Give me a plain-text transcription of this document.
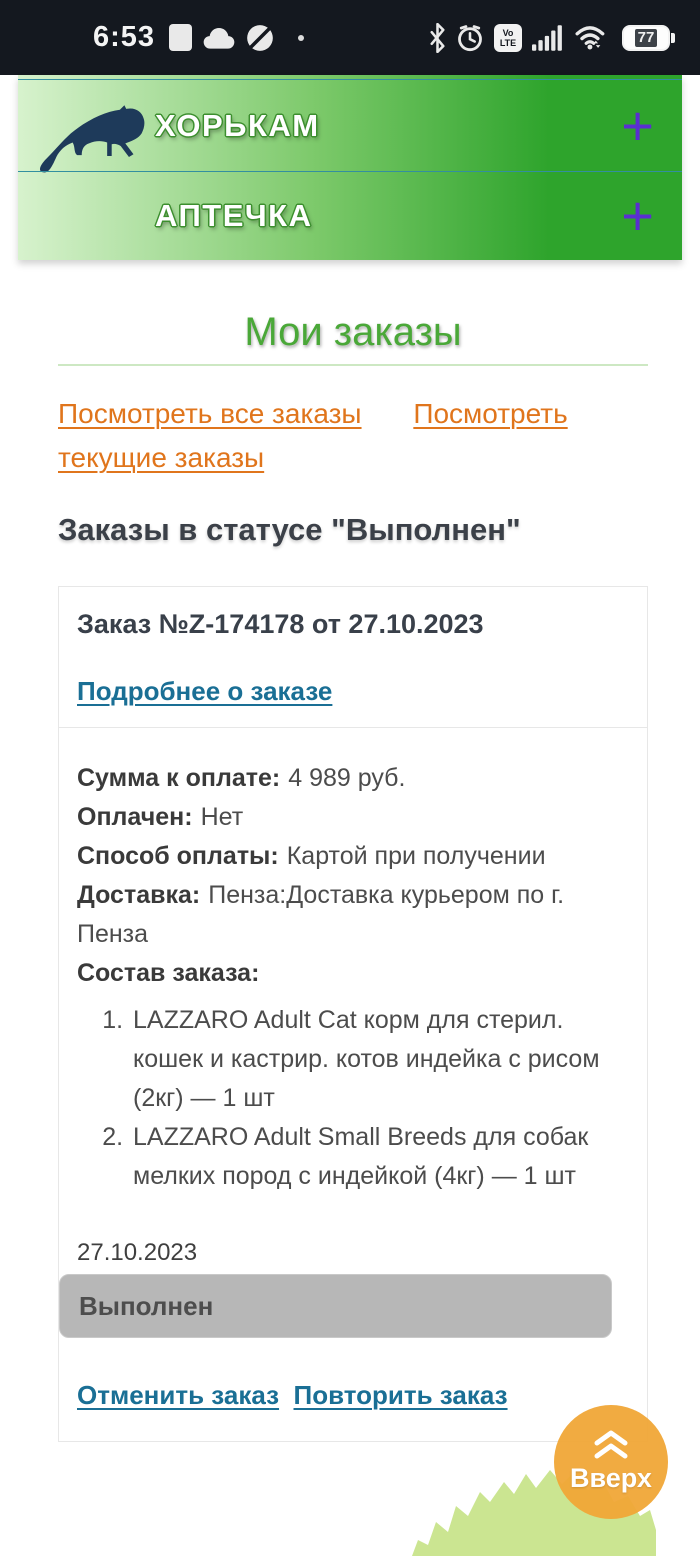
6:53	Vo
LTE	77
ХОРЬКАМ	+
АПТЕЧКА	+
Мои заказы

Посмотреть все заказы Посмотреть текущие заказы

Заказы в статусе "Выполнен"
Заказ №Z-174178 от 27.10.2023
Подробнее о заказе
Сумма к оплате: 4 989 руб.
Оплачен: Нет
Способ оплаты: Картой при получении
Доставка: Пенза:Доставка курьером по г. Пенза
Состав заказа:
1. LAZZARO Adult Cat корм для стерил. кошек и кастрир. котов индейка с рисом (2кг) — 1 шт
2. LAZZARO Adult Small Breeds для собак мелких пород с индейкой (4кг) — 1 шт
27.10.2023
Выполнен
Отменить заказ Повторить заказ
Вверх
